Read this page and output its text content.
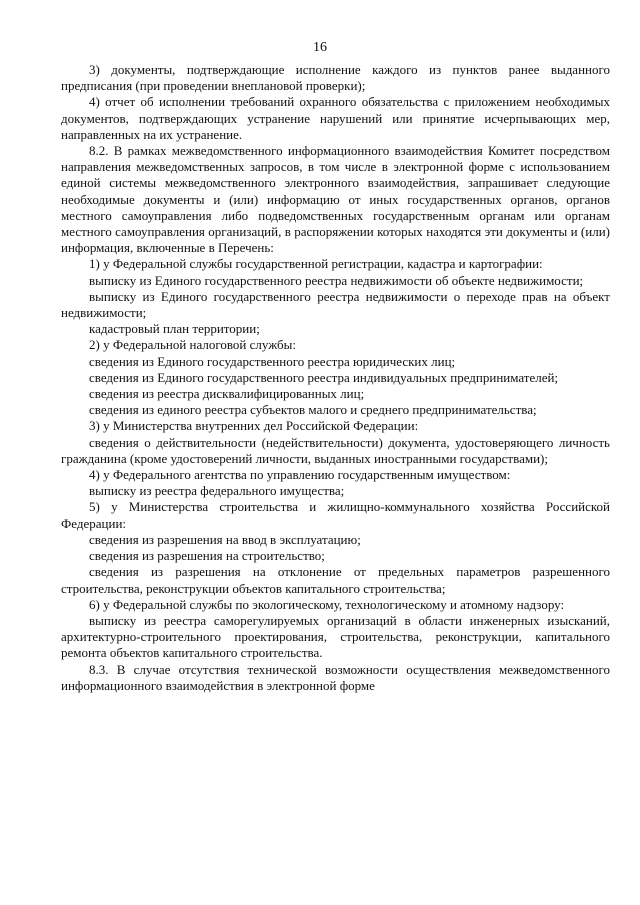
16

3) документы, подтверждающие исполнение каждого из пунктов ранее выданного предписания (при проведении внеплановой проверки);

4) отчет об исполнении требований охранного обязательства с приложением необходимых документов, подтверждающих устранение нарушений или принятие исчерпывающих мер, направленных на их устранение.

8.2. В рамках межведомственного информационного взаимодействия Комитет посредством направления межведомственных запросов, в том числе в электронной форме с использованием единой системы межведомственного электронного взаимодействия, запрашивает следующие необходимые документы и (или) информацию от иных государственных органов, органов местного самоуправления либо подведомственных государственным органам или органам местного самоуправления организаций, в распоряжении которых находятся эти документы и (или) информация, включенные в Перечень:

1) у Федеральной службы государственной регистрации, кадастра и картографии:

выписку из Единого государственного реестра недвижимости об объекте недвижимости;

выписку из Единого государственного реестра недвижимости о переходе прав на объект недвижимости;

кадастровый план территории;

2) у Федеральной налоговой службы:

сведения из Единого государственного реестра юридических лиц;

сведения из Единого государственного реестра индивидуальных предпринимателей;

сведения из реестра дисквалифицированных лиц;

сведения из единого реестра субъектов малого и среднего предпринимательства;

3) у Министерства внутренних дел Российской Федерации:

сведения о действительности (недействительности) документа, удостоверяющего личность гражданина (кроме удостоверений личности, выданных иностранными государствами);

4) у Федерального агентства по управлению государственным имуществом:

выписку из реестра федерального имущества;

5) у Министерства строительства и жилищно-коммунального хозяйства Российской Федерации:

сведения из разрешения на ввод в эксплуатацию;

сведения из разрешения на строительство;

сведения из разрешения на отклонение от предельных параметров разрешенного строительства, реконструкции объектов капитального строительства;

6) у Федеральной службы по экологическому, технологическому и атомному надзору:

выписку из реестра саморегулируемых организаций в области инженерных изысканий, архитектурно-строительного проектирования, строительства, реконструкции, капитального ремонта объектов капитального строительства.

8.3. В случае отсутствия технической возможности осуществления межведомственного информационного взаимодействия в электронной форме
